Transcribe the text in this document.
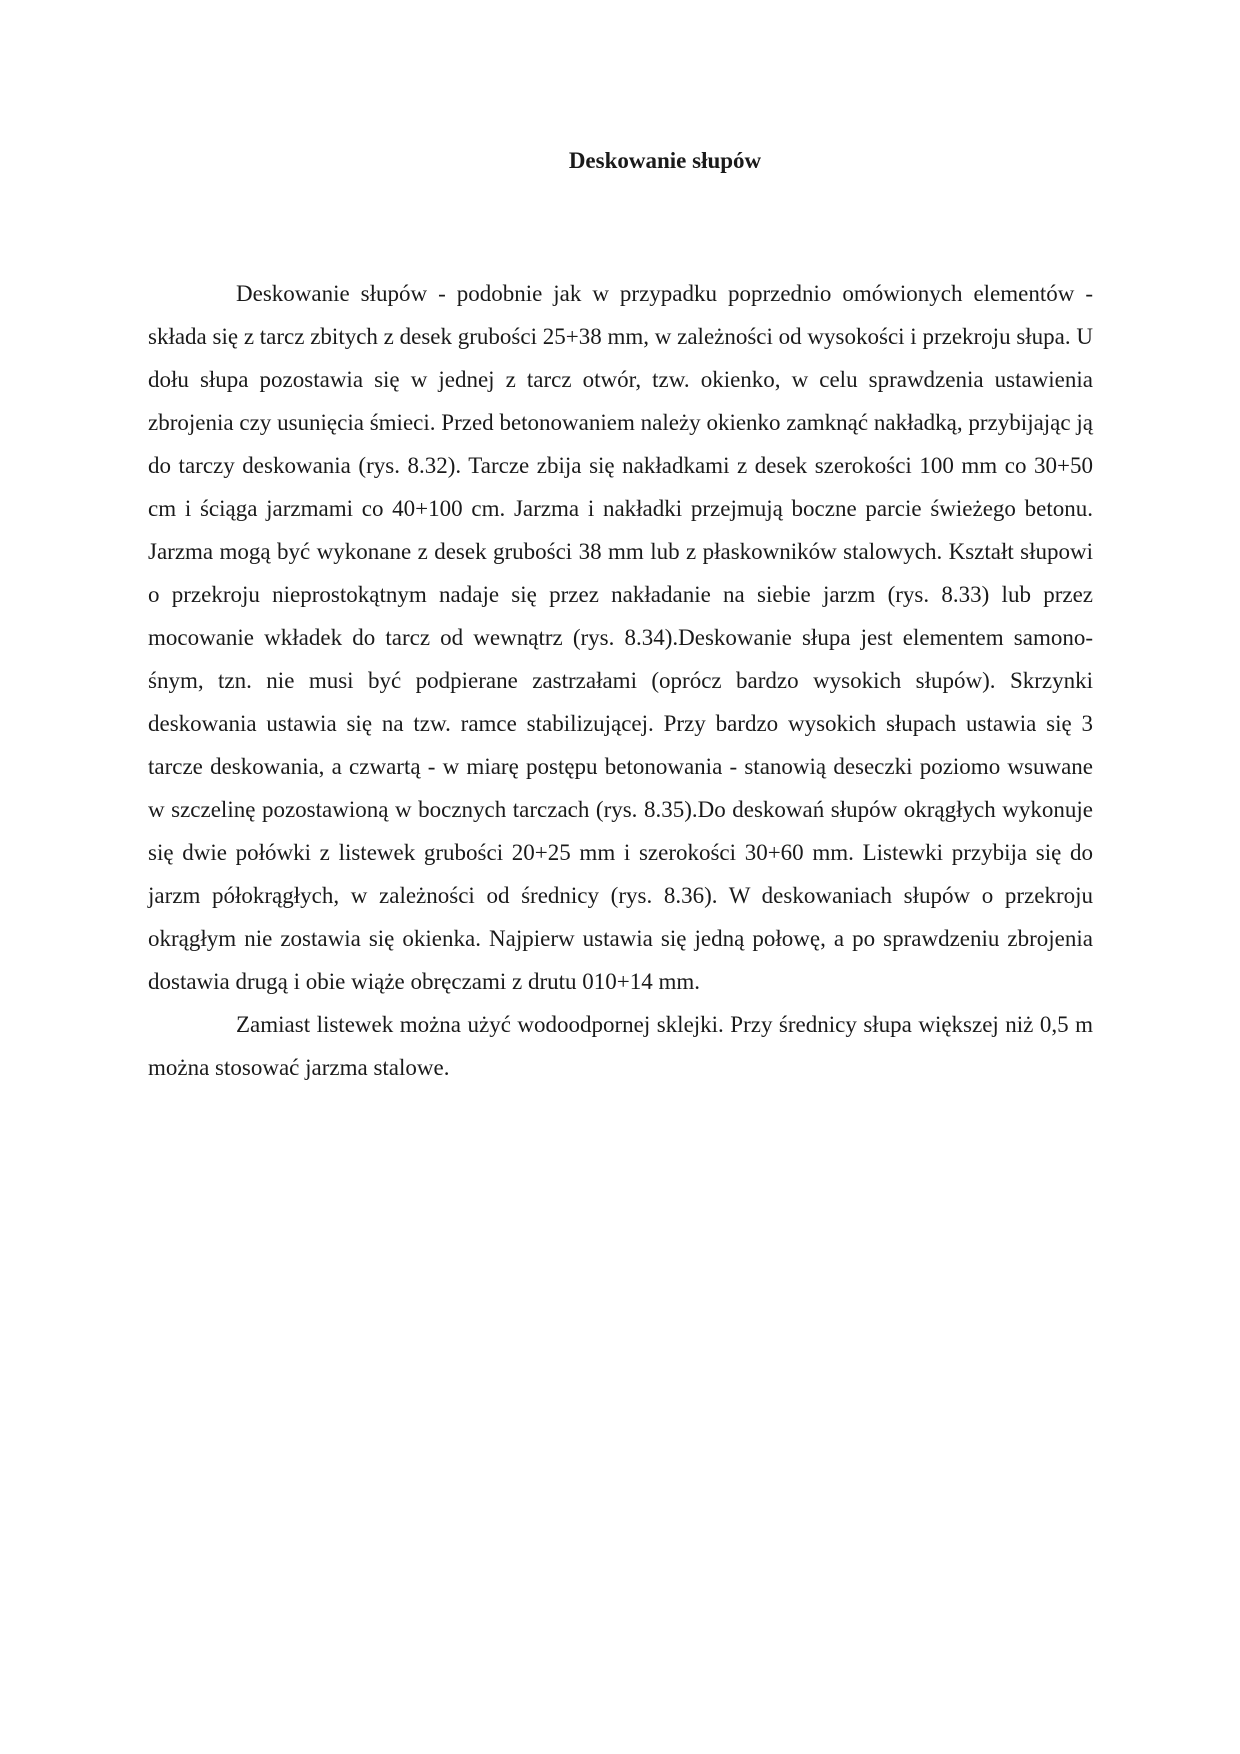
Deskowanie słupów

Deskowanie słupów - podobnie jak w przypadku poprzednio omówionych elementów -składa się z tarcz zbitych z desek grubości 25+38 mm, w zależności od wysokości i przekroju słupa. U dołu słupa pozostawia się w jednej z tarcz otwór, tzw. okienko, w celu sprawdzenia ustawienia zbrojenia czy usunięcia śmieci. Przed betonowaniem należy okienko zamknąć nakładką, przybijając ją do tarczy deskowania (rys. 8.32). Tarcze zbija się nakładkami z desek szerokości 100 mm co 30+50 cm i ściąga jarzmami co 40+100 cm. Jarzma i nakładki przejmują boczne parcie świeżego betonu. Jarzma mogą być wykonane z desek grubości 38 mm lub z płaskowników stalowych. Kształt słupowi o przekroju nieprostokątnym nadaje się przez nakładanie na siebie jarzm (rys. 8.33) lub przez mocowanie wkładek do tarcz od wewnątrz (rys. 8.34).Deskowanie słupa jest elementem samono-śnym, tzn. nie musi być podpierane zastrzałami (oprócz bardzo wysokich słupów). Skrzynki deskowania ustawia się na tzw. ramce stabilizującej. Przy bardzo wysokich słupach ustawia się 3 tarcze deskowania, a czwartą - w miarę postępu betonowania - stanowią deseczki poziomo wsuwane w szczelinę pozostawioną w bocznych tarczach (rys. 8.35).Do deskowań słupów okrągłych wykonuje się dwie połówki z listewek grubości 20+25 mm i szerokości 30+60 mm. Listewki przybija się do jarzm półokrągłych, w zależności od średnicy (rys. 8.36). W deskowaniach słupów o przekroju okrągłym nie zostawia się okienka. Najpierw ustawia się jedną połowę, a po sprawdzeniu zbrojenia dostawia drugą i obie wiąże obręczami z drutu 010+14 mm.

Zamiast listewek można użyć wodoodpornej sklejki. Przy średnicy słupa większej niż 0,5 m można stosować jarzma stalowe.
